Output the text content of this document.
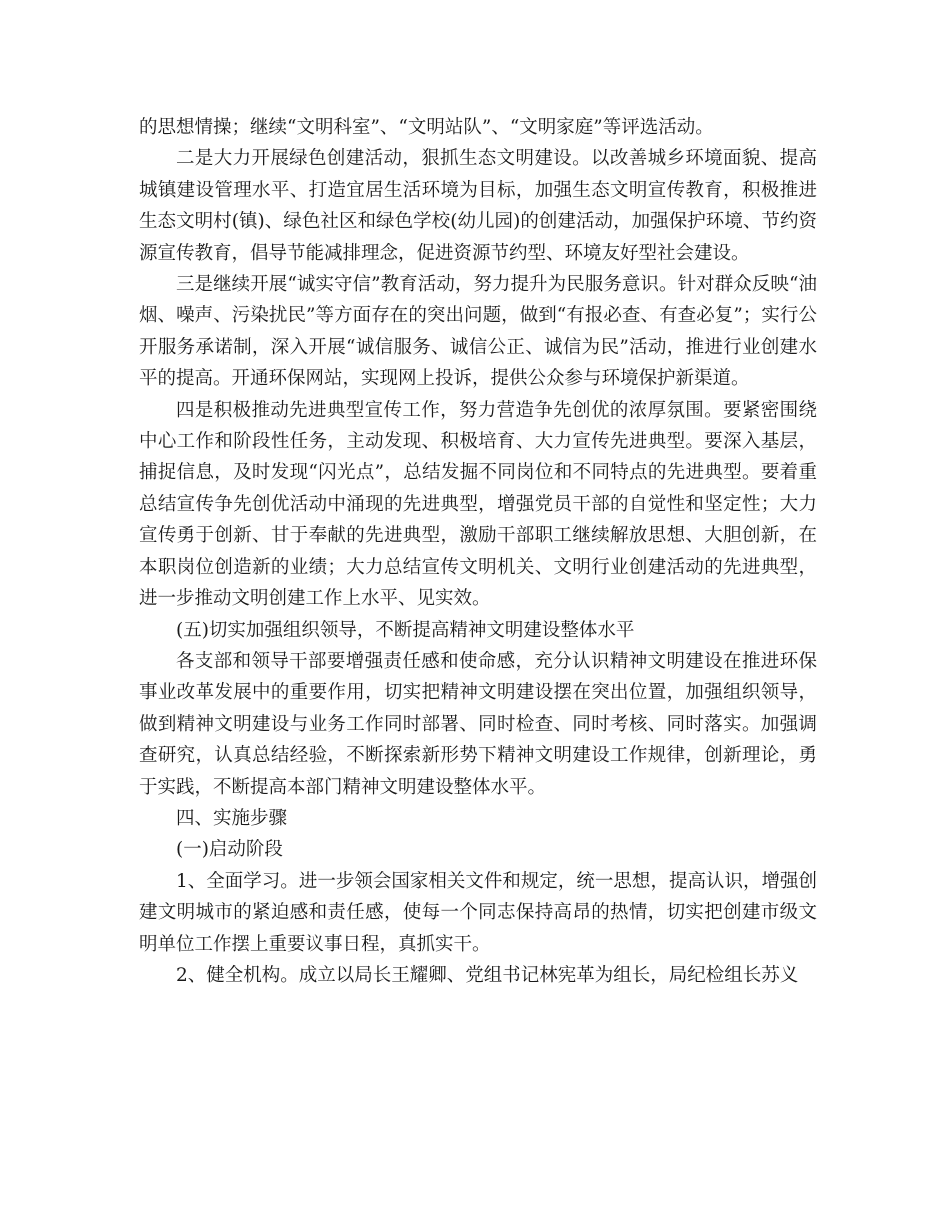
的思想情操；继续“文明科室”、“文明站队”、“文明家庭”等评选活动。

二是大力开展绿色创建活动，狠抓生态文明建设。以改善城乡环境面貌、提高城镇建设管理水平、打造宜居生活环境为目标，加强生态文明宣传教育，积极推进生态文明村(镇)、绿色社区和绿色学校(幼儿园)的创建活动，加强保护环境、节约资源宣传教育，倡导节能减排理念，促进资源节约型、环境友好型社会建设。

三是继续开展“诚实守信”教育活动，努力提升为民服务意识。针对群众反映“油烟、噪声、污染扰民”等方面存在的突出问题，做到“有报必查、有查必复”；实行公开服务承诺制，深入开展“诚信服务、诚信公正、诚信为民”活动，推进行业创建水平的提高。开通环保网站，实现网上投诉，提供公众参与环境保护新渠道。

四是积极推动先进典型宣传工作，努力营造争先创优的浓厚氛围。要紧密围绕中心工作和阶段性任务，主动发现、积极培育、大力宣传先进典型。要深入基层，捕捉信息，及时发现“闪光点”，总结发掘不同岗位和不同特点的先进典型。要着重总结宣传争先创优活动中涌现的先进典型，增强党员干部的自觉性和坚定性；大力宣传勇于创新、甘于奉献的先进典型，激励干部职工继续解放思想、大胆创新，在本职岗位创造新的业绩；大力总结宣传文明机关、文明行业创建活动的先进典型，进一步推动文明创建工作上水平、见实效。

(五)切实加强组织领导，不断提高精神文明建设整体水平

各支部和领导干部要增强责任感和使命感，充分认识精神文明建设在推进环保事业改革发展中的重要作用，切实把精神文明建设摆在突出位置，加强组织领导，做到精神文明建设与业务工作同时部署、同时检查、同时考核、同时落实。加强调查研究，认真总结经验，不断探索新形势下精神文明建设工作规律，创新理论，勇于实践，不断提高本部门精神文明建设整体水平。

四、实施步骤

(一)启动阶段

1、全面学习。进一步领会国家相关文件和规定，统一思想，提高认识，增强创建文明城市的紧迫感和责任感，使每一个同志保持高昂的热情，切实把创建市级文明单位工作摆上重要议事日程，真抓实干。

2、健全机构。成立以局长王耀卿、党组书记林宪革为组长，局纪检组长苏义
